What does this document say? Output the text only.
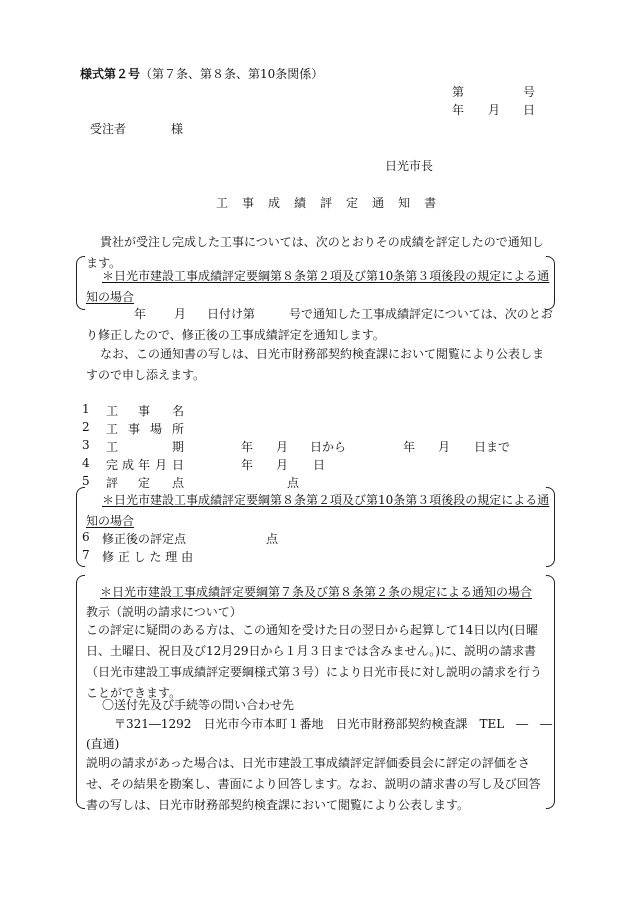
様式第２号（第７条、第８条、第10条関係）
第	号
年 月 日
受注者	様
日光市長
工 事 成 績 評 定 通 知 書
貴社が受注し完成した工事については、次のとおりその成績を評定したので通知します。
＊日光市建設工事成績評定要綱第８条第２項及び第10条第３項後段の規定による通知の場合
年 月 日付け第	号で通知した工事成績評定については、次のとお
り修正したので、修正後の工事成績評定を通知します。
なお、この通知書の写しは、日光市財務部契約検査課において閲覧により公表しますので申し添えます。
1 工 事 名
2 工 事 場 所
3 工	期	年 月 日から	年 月 日まで
4 完 成 年 月 日	年 月 日
5 評 定 点	点
＊日光市建設工事成績評定要綱第８条第２項及び第10条第３項後段の規定による通知の場合
6 修正後の評定点	点
7 修 正 し た 理 由
＊日光市建設工事成績評定要綱第７条及び第８条第２条の規定による通知の場合
教示（説明の請求について）
この評定に疑問のある方は、この通知を受けた日の翌日から起算して14日以内(日曜日、土曜日、祝日及び12月29日から１月３日までは含みません。)に、説明の請求書（日光市建設工事成績評定要綱様式第３号）により日光市長に対し説明の請求を行うことができます。
〇送付先及び手続等の問い合わせ先
〒321―1292　日光市今市本町１番地　日光市財務部契約検査課　TEL　―　―
(直通)
説明の請求があった場合は、日光市建設工事成績評定評価委員会に評定の評価をさせ、その結果を勘案し、書面により回答します。なお、説明の請求書の写し及び回答書の写しは、日光市財務部契約検査課において閲覧により公表します。
